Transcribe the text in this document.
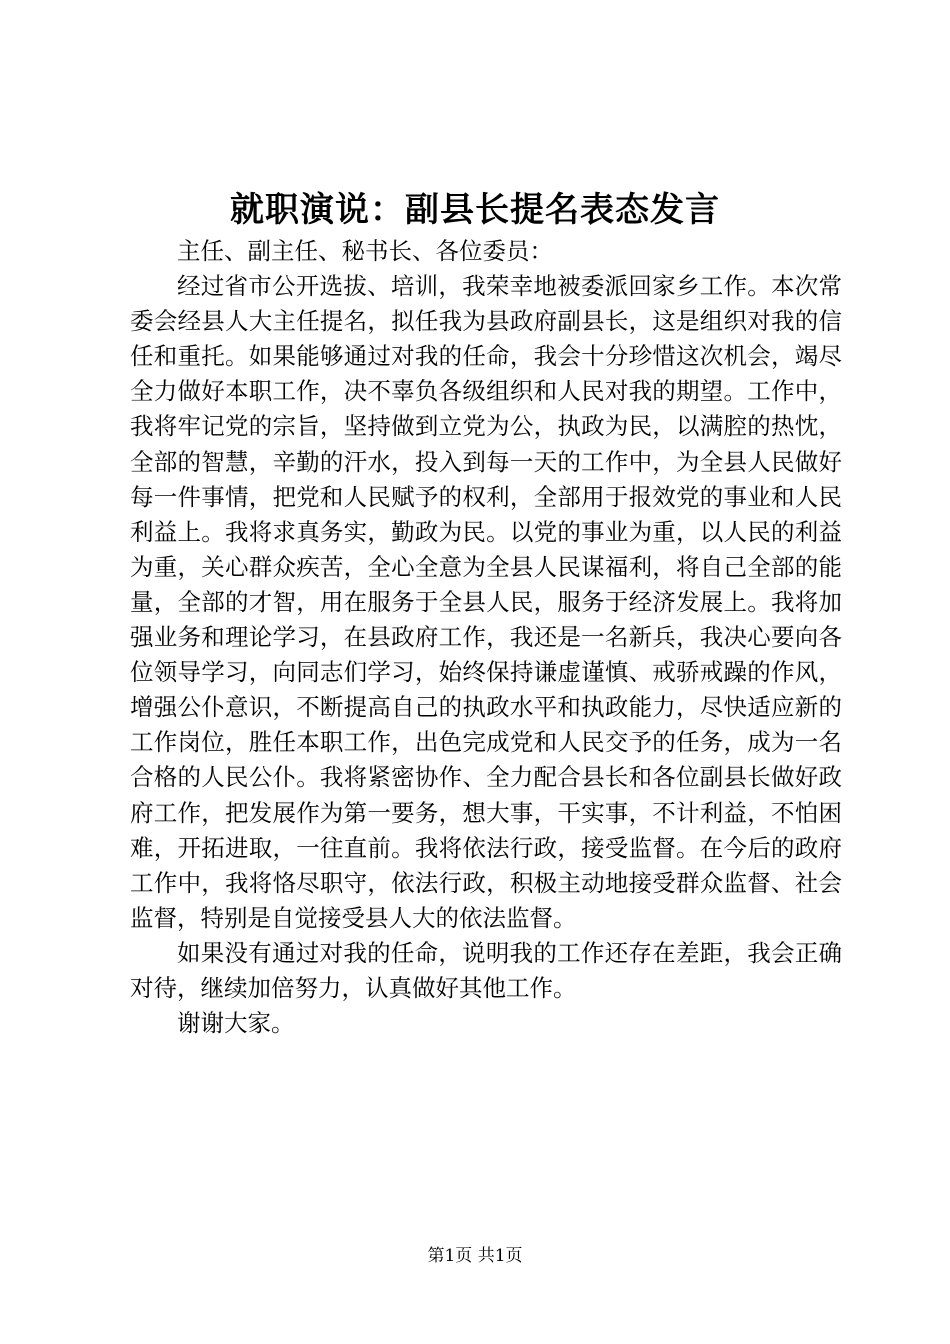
就职演说：副县长提名表态发言

主任、副主任、秘书长、各位委员：

经过省市公开选拔、培训，我荣幸地被委派回家乡工作。本次常委会经县人大主任提名，拟任我为县政府副县长，这是组织对我的信任和重托。如果能够通过对我的任命，我会十分珍惜这次机会，竭尽全力做好本职工作，决不辜负各级组织和人民对我的期望。工作中，我将牢记党的宗旨，坚持做到立党为公，执政为民，以满腔的热忱，全部的智慧，辛勤的汗水，投入到每一天的工作中，为全县人民做好每一件事情，把党和人民赋予的权利，全部用于报效党的事业和人民利益上。我将求真务实，勤政为民。以党的事业为重，以人民的利益为重，关心群众疾苦，全心全意为全县人民谋福利，将自己全部的能量，全部的才智，用在服务于全县人民，服务于经济发展上。我将加强业务和理论学习，在县政府工作，我还是一名新兵，我决心要向各位领导学习，向同志们学习，始终保持谦虚谨慎、戒骄戒躁的作风，增强公仆意识，不断提高自己的执政水平和执政能力，尽快适应新的工作岗位，胜任本职工作，出色完成党和人民交予的任务，成为一名合格的人民公仆。我将紧密协作、全力配合县长和各位副县长做好政府工作，把发展作为第一要务，想大事，干实事，不计利益，不怕困难，开拓进取，一往直前。我将依法行政，接受监督。在今后的政府工作中，我将恪尽职守，依法行政，积极主动地接受群众监督、社会监督，特别是自觉接受县人大的依法监督。

如果没有通过对我的任命，说明我的工作还存在差距，我会正确对待，继续加倍努力，认真做好其他工作。

谢谢大家。

第1页 共1页
